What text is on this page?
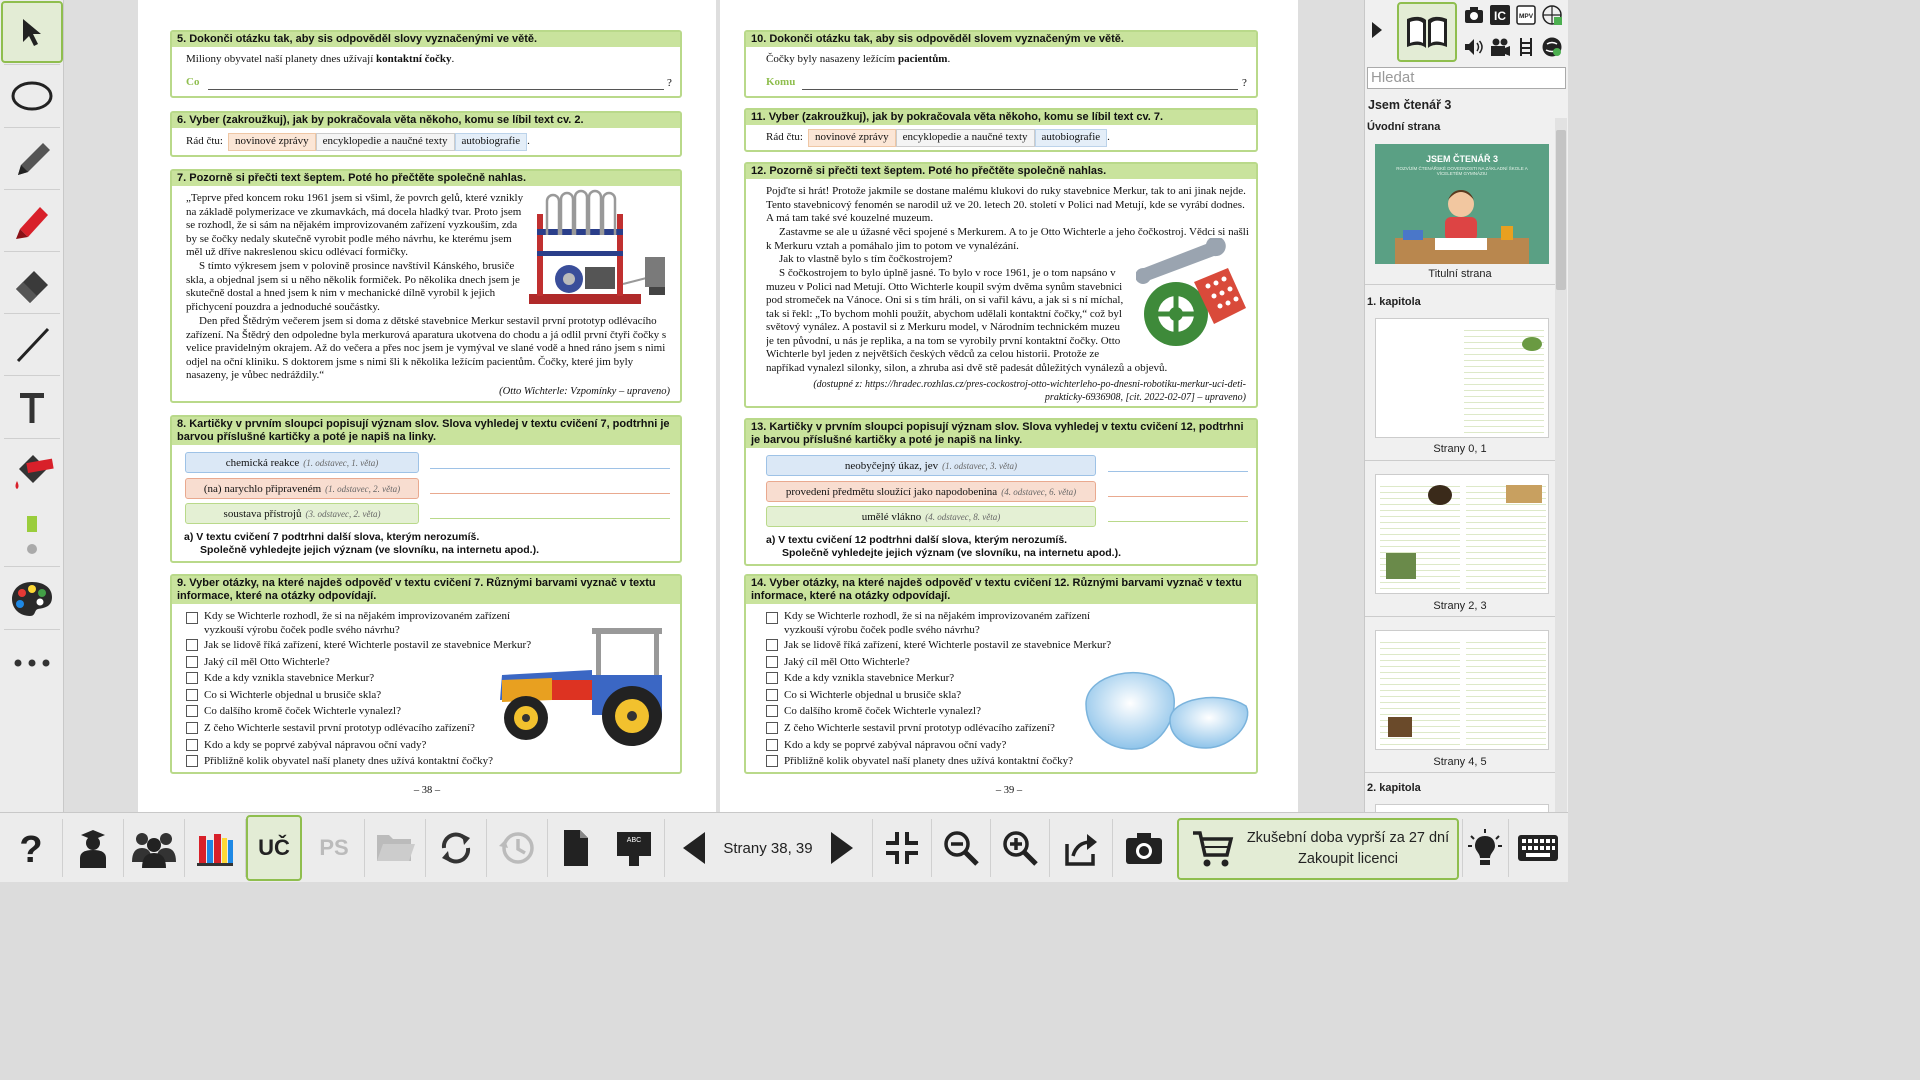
5. Dokonči otázku tak, aby sis odpověděl slovy vyznačenými ve větě.
Miliony obyvatel naší planety dnes užívají kontaktní čočky.
Co	?
6. Vyber (zakroužkuj), jak by pokračovala věta někoho, komu se líbil text cv. 2.
Rád čtu:	novinové zprávy	encyklopedie a naučné texty	autobiografie .
7. Pozorně si přečti text šeptem. Poté ho přečtěte společně nahlas.
„Teprve před koncem roku 1961 jsem si všiml, že povrch gelů, které vznikly na základě polymerizace ve zkumavkách, má docela hladký tvar. Proto jsem se rozhodl, že si sám na nějakém improvizovaném zařízení vyzkouším, zda by se čočky nedaly skutečně vyrobit podle mého návrhu, ke kterému jsem měl už dříve nakreslenou skicu odlévací formičky.
S tímto výkresem jsem v polovině prosince navštívil Kánského, brusiče skla, a objednal jsem si u něho několik formiček. Po několika dnech jsem je skutečně dostal a hned jsem k nim v mechanické dílně vyrobil k jejich přichycení pouzdra a jednoduché součástky.
Den před Štědrým večerem jsem si doma z dětské stavebnice Merkur sestavil první prototyp odlévacího zařízení. Na Štědrý den odpoledne byla merkurová aparatura ukotvena do chodu a já odlil první čtyři čočky s velice pravidelným okrajem. Až do večera a přes noc jsem je vymýval ve slané vodě a hned ráno jsem s nimi odjel na oční kliniku. S doktorem jsme s nimi šli k několika ležícím pacientům. Čočky, které jim byly nasazeny, je vůbec nedráždily.“
(Otto Wichterle: Vzpomínky – upraveno)
8. Kartičky v prvním sloupci popisují význam slov. Slova vyhledej v textu cvičení 7, podtrhni je barvou příslušné kartičky a poté je napiš na linky.
chemická reakce (1. odstavec, 1. věta)
(na) narychlo připraveném (1. odstavec, 2. věta)
soustava přístrojů (3. odstavec, 2. věta)
a) V textu cvičení 7 podtrhni další slova, kterým nerozumíš.
Společně vyhledejte jejich význam (ve slovníku, na internetu apod.).
9. Vyber otázky, na které najdeš odpověď v textu cvičení 7. Různými barvami vyznač v textu informace, které na otázky odpovídají.
Kdy se Wichterle rozhodl, že si na nějakém improvizovaném zařízení vyzkouší výrobu čoček podle svého návrhu?
Jak se lidově říká zařízení, které Wichterle postavil ze stavebnice Merkur?
Jaký cíl měl Otto Wichterle?
Kde a kdy vznikla stavebnice Merkur?
Co si Wichterle objednal u brusiče skla?
Co dalšího kromě čoček Wichterle vynalezl?
Z čeho Wichterle sestavil první prototyp odlévacího zařízení?
Kdo a kdy se poprvé zabýval nápravou oční vady?
Přibližně kolik obyvatel naší planety dnes užívá kontaktní čočky?
– 38 –
10. Dokonči otázku tak, aby sis odpověděl slovem vyznačeným ve větě.
Čočky byly nasazeny ležícím pacientům.
Komu	?
11. Vyber (zakroužkuj), jak by pokračovala věta někoho, komu se líbil text cv. 7.
Rád čtu:	novinové zprávy	encyklopedie a naučné texty	autobiografie .
12. Pozorně si přečti text šeptem. Poté ho přečtěte společně nahlas.
Pojďte si hrát! Protože jakmile se dostane malému klukovi do ruky stavebnice Merkur, tak to ani jinak nejde. Tento stavebnicový fenomén se narodil už ve 20. letech 20. století v Polici nad Metují, kde se vyrábí dodnes. A má tam také své kouzelné muzeum.
Zastavme se ale u úžasné věci spojené s Merkurem. A to je Otto Wichterle a jeho čočkostroj. Vědci si našli k Merkuru vztah a pomáhalo jim to potom ve vynalézání.
Jak to vlastně bylo s tím čočkostrojem?
S čočkostrojem to bylo úplně jasné. To bylo v roce 1961, je o tom napsáno v muzeu v Polici nad Metují. Otto Wichterle koupil svým dvěma synům stavebnici pod stromeček na Vánoce. Oni si s tím hráli, on si vařil kávu, a jak si s ní míchal, tak si řekl: „To bychom mohli použít, abychom udělali kontaktní čočky,“ což byl světový vynález. A postavil si z Merkuru model, v Národním technickém muzeu je ten původní, u nás je replika, a na tom se vyrobily první kontaktní čočky. Otto Wichterle byl jeden z největších českých vědců za celou historii. Protože ze napříkad vynalezl silonky, silon, a zhruba asi dvě stě padesát důležitých vynálezů a objevů.
(dostupné z: https://hradec.rozhlas.cz/pres-cockostroj-otto-wichterleho-po-dnesni-robotiku-merkur-uci-deti-
prakticky-6936908, [cit. 2022-02-07] – upraveno)
13. Kartičky v prvním sloupci popisují význam slov. Slova vyhledej v textu cvičení 12, podtrhni je barvou příslušné kartičky a poté je napiš na linky.
neobyčejný úkaz, jev (1. odstavec, 3. věta)
provedení předmětu sloužící jako napodobenina (4. odstavec, 6. věta)
umělé vlákno (4. odstavec, 8. věta)
a) V textu cvičení 12 podtrhni další slova, kterým nerozumíš.
Společně vyhledejte jejich význam (ve slovníku, na internetu apod.).
14. Vyber otázky, na které najdeš odpověď v textu cvičení 12. Různými barvami vyznač v textu informace, které na otázky odpovídají.
Kdy se Wichterle rozhodl, že si na nějakém improvizovaném zařízení vyzkouší výrobu čoček podle svého návrhu?
Jak se lidově říká zařízení, které Wichterle postavil ze stavebnice Merkur?
Jaký cíl měl Otto Wichterle?
Kde a kdy vznikla stavebnice Merkur?
Co si Wichterle objednal u brusiče skla?
Co dalšího kromě čoček Wichterle vynalezl?
Z čeho Wichterle sestavil první prototyp odlévacího zařízení?
Kdo a kdy se poprvé zabýval nápravou oční vady?
Přibližně kolik obyvatel naší planety dnes užívá kontaktní čočky?
– 39 –
IC MPV
Hledat
Jsem čtenář 3
Úvodní strana
JSEM ČTENÁŘ 3
ROZVÍJÍM ČTENÁŘSKÉ DOVEDNOSTI NA ZÁKLADNÍ ŠKOLE A VÍCELETÉM GYMNÁZIU
Titulní strana
1. kapitola
Strany 0, 1
Strany 2, 3
Strany 4, 5
2. kapitola
?	UČ PS	ABC	Strany 38, 39
Zkušební doba vyprší za 27 dní
Zakoupit licenci
